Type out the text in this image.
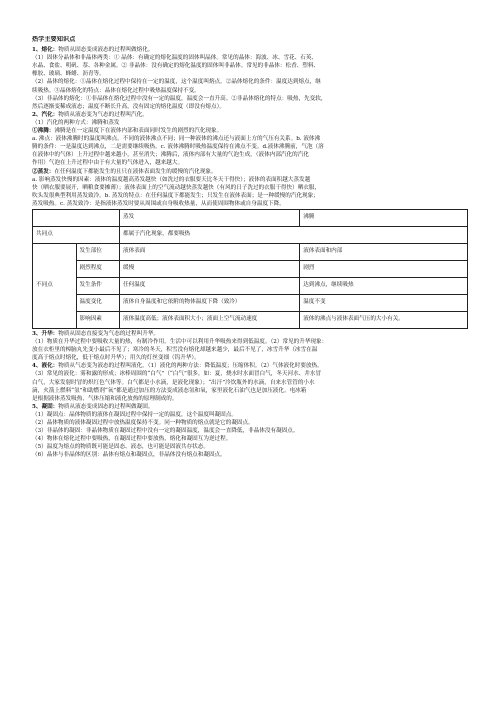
热学主要知识点
1、熔化：物质从固态变成液态的过程叫做熔化。
（1）固体分晶体和非晶体两类：① 晶体：有确定的熔化温度的固体叫晶体。常见的晶体：海波、冰、雪花、石英、
水晶、食盐、明矾、萘、各种金属。② 非晶体：没有确定的熔化温度的固体叫非晶体。常见的非晶体：松香、塑料、
橡胶、玻璃、蜂蜡、沥青等。
（2）晶体的熔化：①晶体在熔化过程中保持在一定的温度，这个温度叫熔点。②晶体熔化的条件：温度达到熔点，继
续吸热。③晶体熔化的特点：晶体在熔化过程中吸热温度保持不变。
（3）非晶体的熔化：①非晶体在熔化过程中没有一定的温度，温度会一直升高。②非晶体熔化的特点：吸热，先变软，
然后逐渐变稀成液态；温度不断长升高，没有固定的熔化温度（即没有熔点）。
2、汽化：物质从液态变为气态的过程叫汽化。
（1）汽化的两种方式：沸腾和蒸发
①沸腾：沸腾是在一定温度下在液体内部和表面同时发生的剧烈的汽化现象。
a. 沸点：液体沸腾时的温度叫沸点。不同的液体沸点不同；同一种液体的沸点还与液面上方的气压有关系。b. 液体沸
腾的条件：一是温度达到沸点，二是需要继续吸热。c. 液体沸腾时吸热温度保持在沸点不变。d.液体沸腾前，气泡（溶
在液体中的气体）上升过程中越来越小，甚至消失；沸腾后，液体内部有大量的气泡生成，（液体内部汽化的汽化
作用）气泡在上升过程中由于有大量的气体进入，越来越大。
②蒸发：在任何温度下都能发生的且只在液体表面发生的缓慢的汽化现象。
a. 影响蒸发快慢的因素：液体的温度越高蒸发越快（如洗过的衣服要天比冬天干得快）；液体的表面积越大蒸发越
快（晒衣服要展开，晒粮食要摊薄）；液体表面上的空气流动越快蒸发越快（有风的日子洗过的衣服干得快）晒衣服，
吹头发很典型利用蒸发致冷。b. 蒸发的特点：在任何温度下都能发生；只发生在液体表面；是一种缓慢的汽化现象；
蒸发吸热。c. 蒸发致冷：是指液体蒸发时要从周围或自身吸收热量，从而使周围物体或自身温度下降。
		蒸发	沸腾
共同点		都属于汽化现象，都要吸热	
不同点	发生部位	液体表面	液体表面和内部
	剧烈程度	缓慢	剧烈
	发生条件	任何温度	达到沸点，继续吸热
	温度变化	液体自身温度和它依附的物体温度下降（致冷）	温度不变
	影响因素	液体温度高低；液体表面积大小；液面上空气流动速度	液体的沸点与液体表面气压的大小有关。
3、升华：物质从固态直接变为气态的过程叫升华。
（1）物质在升华过程中要吸收大量的热，有制冷作用。生活中可以利用升华吸热来得到低温度。（2）常见的升华现象：
放在衣柜里的樟脑丸先变小最后不见了；寒冷的冬天，积雪没有熔化却越来越少，最后不见了，冰雪升华（冰雪在温
度高于熔点时熔化，低于熔点时升华）；用久的灯丝变细（钨升华）。
4、液化：物质从气态变为液态的过程叫液化。（1）液化的两种方法：降低温度；压缩体积。（2）气体液化时要放热。
（3）常见的液化：雾和露的形成；冰棒周围的“白气”（“白气”很多，如：夏，烧水时水面冒白气，冬天河水、井水冒
白气，大家发射时冒的炽红色气体等。白气都是小水滴，是液化现象）；“出汗”冷饮瓶外的水滴，自来水管管的小水
滴，火箭上燃料“氢”和助燃剂“氧”都是通过加压的方法变成液态氢和氧，家里液化石油气也是加压液化。电冰箱
是根据液体蒸发吸热，气体压缩和液化放热的原理制成的。
5、凝固：物质从液态变成固态的过程叫做凝固。
（1）凝固点：晶体物质的液体在凝固过程中保持一定的温度，这个温度叫凝固点。
（2）晶体物质的液体凝固过程中放热温度保持不变。同一种物质的熔点就是它的凝固点。
（3）非晶体的凝固：非晶体物质在凝固过程中没有一定的凝固温度，温度会一直降低，非晶体没有凝固点。
（4）物体在熔化过程中要吸热，在凝固过程中要放热，熔化和凝固互为逆过程。
（5）温度为熔点的物质既可能是固态、液态，也可能是固液共存状态。
（6）晶体与非晶体的区别：晶体有熔点和凝固点，非晶体没有熔点和凝固点。
